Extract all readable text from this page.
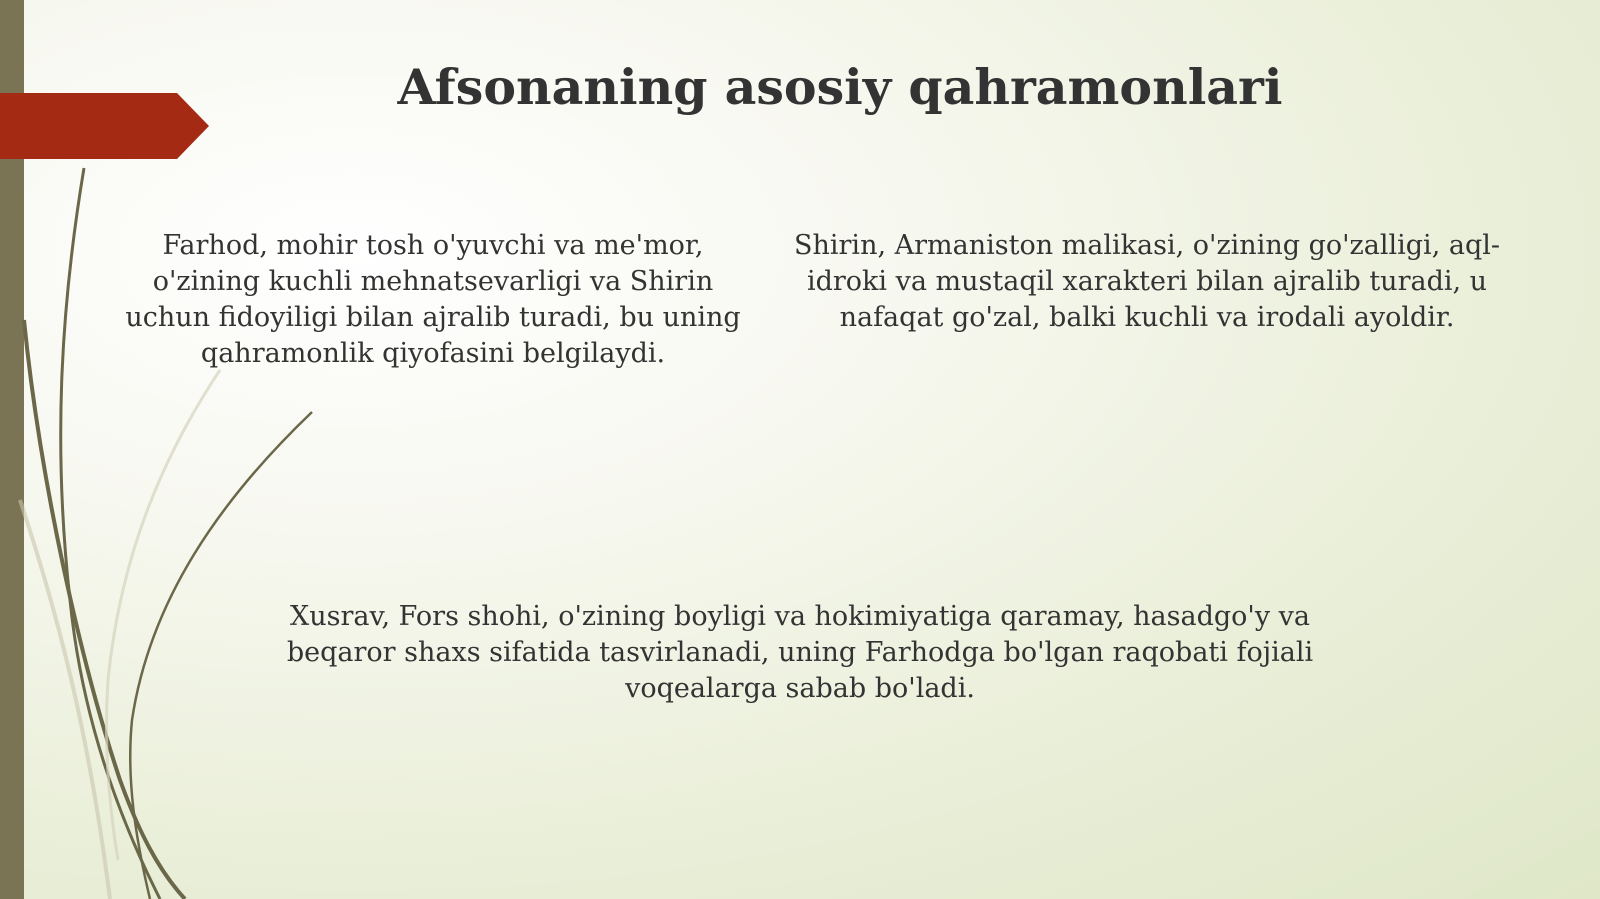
Afsonaning asosiy qahramonlari

Farhod, mohir tosh o'yuvchi va me'mor, o'zining kuchli mehnatsevarligi va Shirin uchun fidoyiligi bilan ajralib turadi, bu uning qahramonlik qiyofasini belgilaydi.

Shirin, Armaniston malikasi, o'zining go'zalligi, aql-idroki va mustaqil xarakteri bilan ajralib turadi, u nafaqat go'zal, balki kuchli va irodali ayoldir.

Xusrav, Fors shohi, o'zining boyligi va hokimiyatiga qaramay, hasadgo'y va beqaror shaxs sifatida tasvirlanadi, uning Farhodga bo'lgan raqobati fojiali voqealarga sabab bo'ladi.
